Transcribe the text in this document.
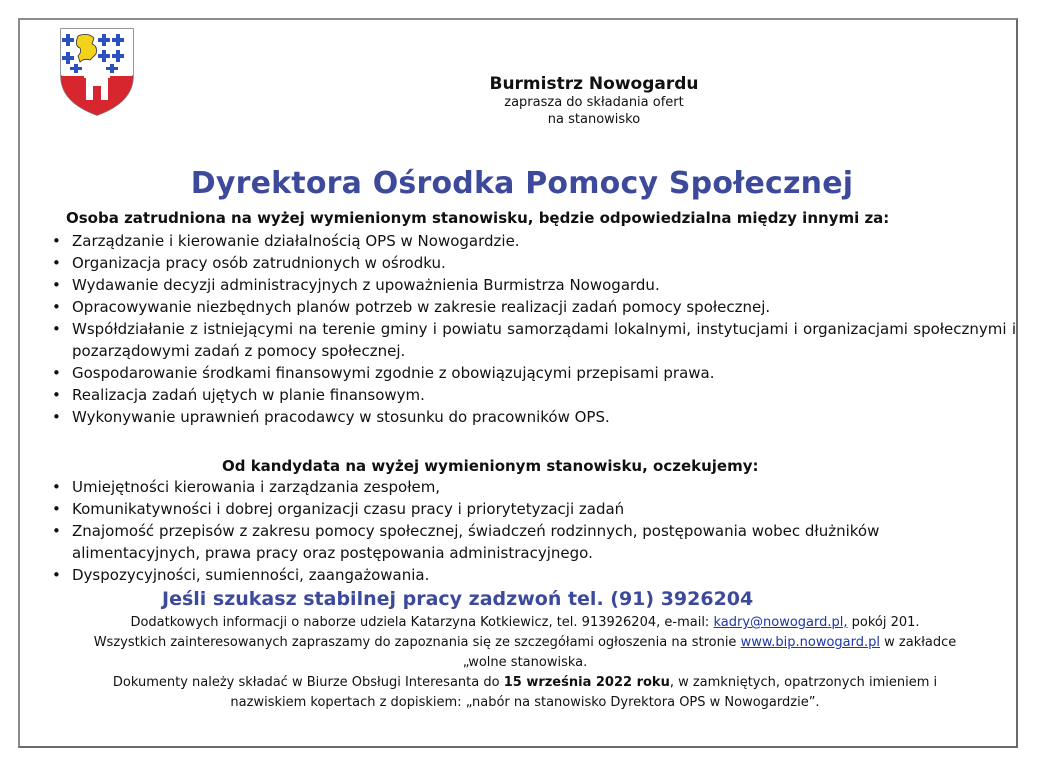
Burmistrz Nowogardu
zaprasza do składania ofert
na stanowisko
Dyrektora Ośrodka Pomocy Społecznej
Osoba zatrudniona na wyżej wymienionym stanowisku, będzie odpowiedzialna między innymi za:
• Zarządzanie i kierowanie działalnością OPS w Nowogardzie.
• Organizacja pracy osób zatrudnionych w ośrodku.
• Wydawanie decyzji administracyjnych z upoważnienia Burmistrza Nowogardu.
• Opracowywanie niezbędnych planów potrzeb w zakresie realizacji zadań pomocy społecznej.
• Współdziałanie z istniejącymi na terenie gminy i powiatu samorządami lokalnymi, instytucjami i organizacjami społecznymi i pozarządowymi zadań z pomocy społecznej.
• Gospodarowanie środkami finansowymi zgodnie z obowiązującymi przepisami prawa.
• Realizacja zadań ujętych w planie finansowym.
• Wykonywanie uprawnień pracodawcy w stosunku do pracowników OPS.
Od kandydata na wyżej wymienionym stanowisku, oczekujemy:
• Umiejętności kierowania i zarządzania zespołem,
• Komunikatywności i dobrej organizacji czasu pracy i priorytetyzacji zadań
• Znajomość przepisów z zakresu pomocy społecznej, świadczeń rodzinnych, postępowania wobec dłużników alimentacyjnych, prawa pracy oraz postępowania administracyjnego.
• Dyspozycyjności, sumienności, zaangażowania.
Jeśli szukasz stabilnej pracy zadzwoń tel. (91) 3926204
Dodatkowych informacji o naborze udziela Katarzyna Kotkiewicz, tel. 913926204, e-mail: kadry@nowogard.pl, pokój 201.
Wszystkich zainteresowanych zapraszamy do zapoznania się ze szczegółami ogłoszenia na stronie www.bip.nowogard.pl w zakładce
„wolne stanowiska.
Dokumenty należy składać w Biurze Obsługi Interesanta do 15 września 2022 roku, w zamkniętych, opatrzonych imieniem i
nazwiskiem kopertach z dopiskiem: „nabór na stanowisko Dyrektora OPS w Nowogardzie”.
